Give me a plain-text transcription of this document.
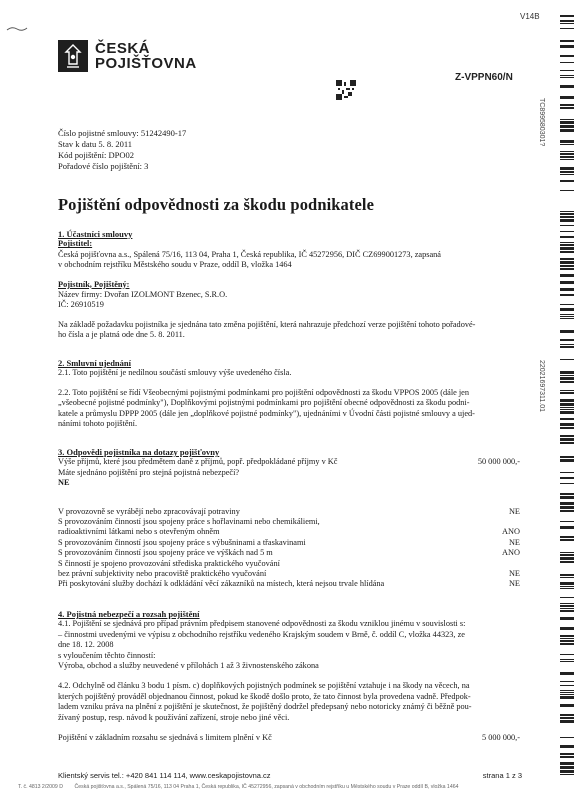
ČESKÁ
POJIŠŤOVNA
V14B
Z-VPPN60/N
TC899580301?
22021697311.01
Číslo pojistné smlouvy: 51242490-17
Stav k datu 5. 8. 2011
Kód pojištění: DPO02
Pořadové číslo pojištění: 3
Pojištění odpovědnosti za škodu podnikatele
1. Účastníci smlouvy
Pojistitel:

Česká pojišťovna a.s., Spálená 75/16, 113 04, Praha 1, Česká republika, IČ 45272956, DIČ CZ699001273, zapsaná

v obchodním rejstříku Městského soudu v Praze, oddíl B, vložka 1464

Pojistník, Pojištěný:

Název firmy: Dvořan IZOLMONT Bzenec, S.R.O.

IČ: 26910519

Na základě požadavku pojistníka je sjednána tato změna pojištění, která nahrazuje předchozí verze pojištění tohoto pořadové-

ho čísla a je platná ode dne 5. 8. 2011.

2. Smluvní ujednání

2.1. Toto pojištění je nedílnou součástí smlouvy výše uvedeného čísla.

2.2. Toto pojištění se řídí Všeobecnými pojistnými podmínkami pro pojištění odpovědnosti za škodu VPPOS 2005 (dále jen

„všeobecné pojistné podmínky"), Doplňkovými pojistnými podmínkami pro pojištění obecné odpovědnosti za škodu podni-

katele a průmyslu DPPP 2005 (dále jen „doplňkové pojistné podmínky"), ujednáními v Úvodní části pojistné smlouvy a ujed-

náními tohoto pojištění.

3. Odpovědi pojistníka na dotazy pojišťovny

Výše příjmů, které jsou předmětem daně z příjmů, popř. předpokládané příjmy v Kč	50 000 000,-

Máte sjednáno pojištění pro stejná pojistná nebezpečí?

NE

V provozovně se vyrábějí nebo zpracovávají potraviny	NE

S provozováním činností jsou spojeny práce s hořlavinami nebo chemikáliemi,

radioaktivními látkami nebo s otevřeným ohněm	ANO

S provozováním činností jsou spojeny práce s výbušninami a třaskavinami	NE

S provozováním činností jsou spojeny práce ve výškách nad 5 m	ANO

S činností je spojeno provozování střediska praktického vyučování

bez právní subjektivity nebo pracoviště praktického vyučování	NE

Při poskytování služby dochází k odkládání věcí zákazníků na místech, která nejsou trvale hlídána	NE
4. Pojistná nebezpečí a rozsah pojištění

4.1. Pojištění se sjednává pro případ právním předpisem stanovené odpovědnosti za škodu vzniklou jinému v souvislosti s:

– činnostmi uvedenými ve výpisu z obchodního rejstříku vedeného Krajským soudem v Brně, č. oddíl C, vložka 44323, ze

dne 18. 12. 2008

s vyloučením těchto činností:

Výroba, obchod a služby neuvedené v přílohách 1 až 3 živnostenského zákona

4.2. Odchylně od článku 3 bodu 1 písm. c) doplňkových pojistných podmínek se pojištění vztahuje i na škody na věcech, na

kterých pojištěný prováděl objednanou činnost, pokud ke škodě došlo proto, že tato činnost byla provedena vadně. Předpok-

ladem vzniku práva na plnění z pojištění je skutečnost, že pojištěný dodržel předepsaný nebo notoricky známý či běžně pou-

žívaný postup, resp. návod k používání zařízení, stroje nebo jiné věci.

Pojištění v základním rozsahu se sjednává s limitem plnění v Kč	5 000 000,-
Klientský servis tel.: +420 841 114 114, www.ceskapojistovna.cz	strana 1 z 3
T. č. 4813 2/2009 D Česká pojišťovna a.s., Spálená 75/16, 113 04 Praha 1, Česká republika, IČ 45272956, zapsaná v obchodním rejstříku u Městského soudu v Praze oddíl B, vložka 1464
